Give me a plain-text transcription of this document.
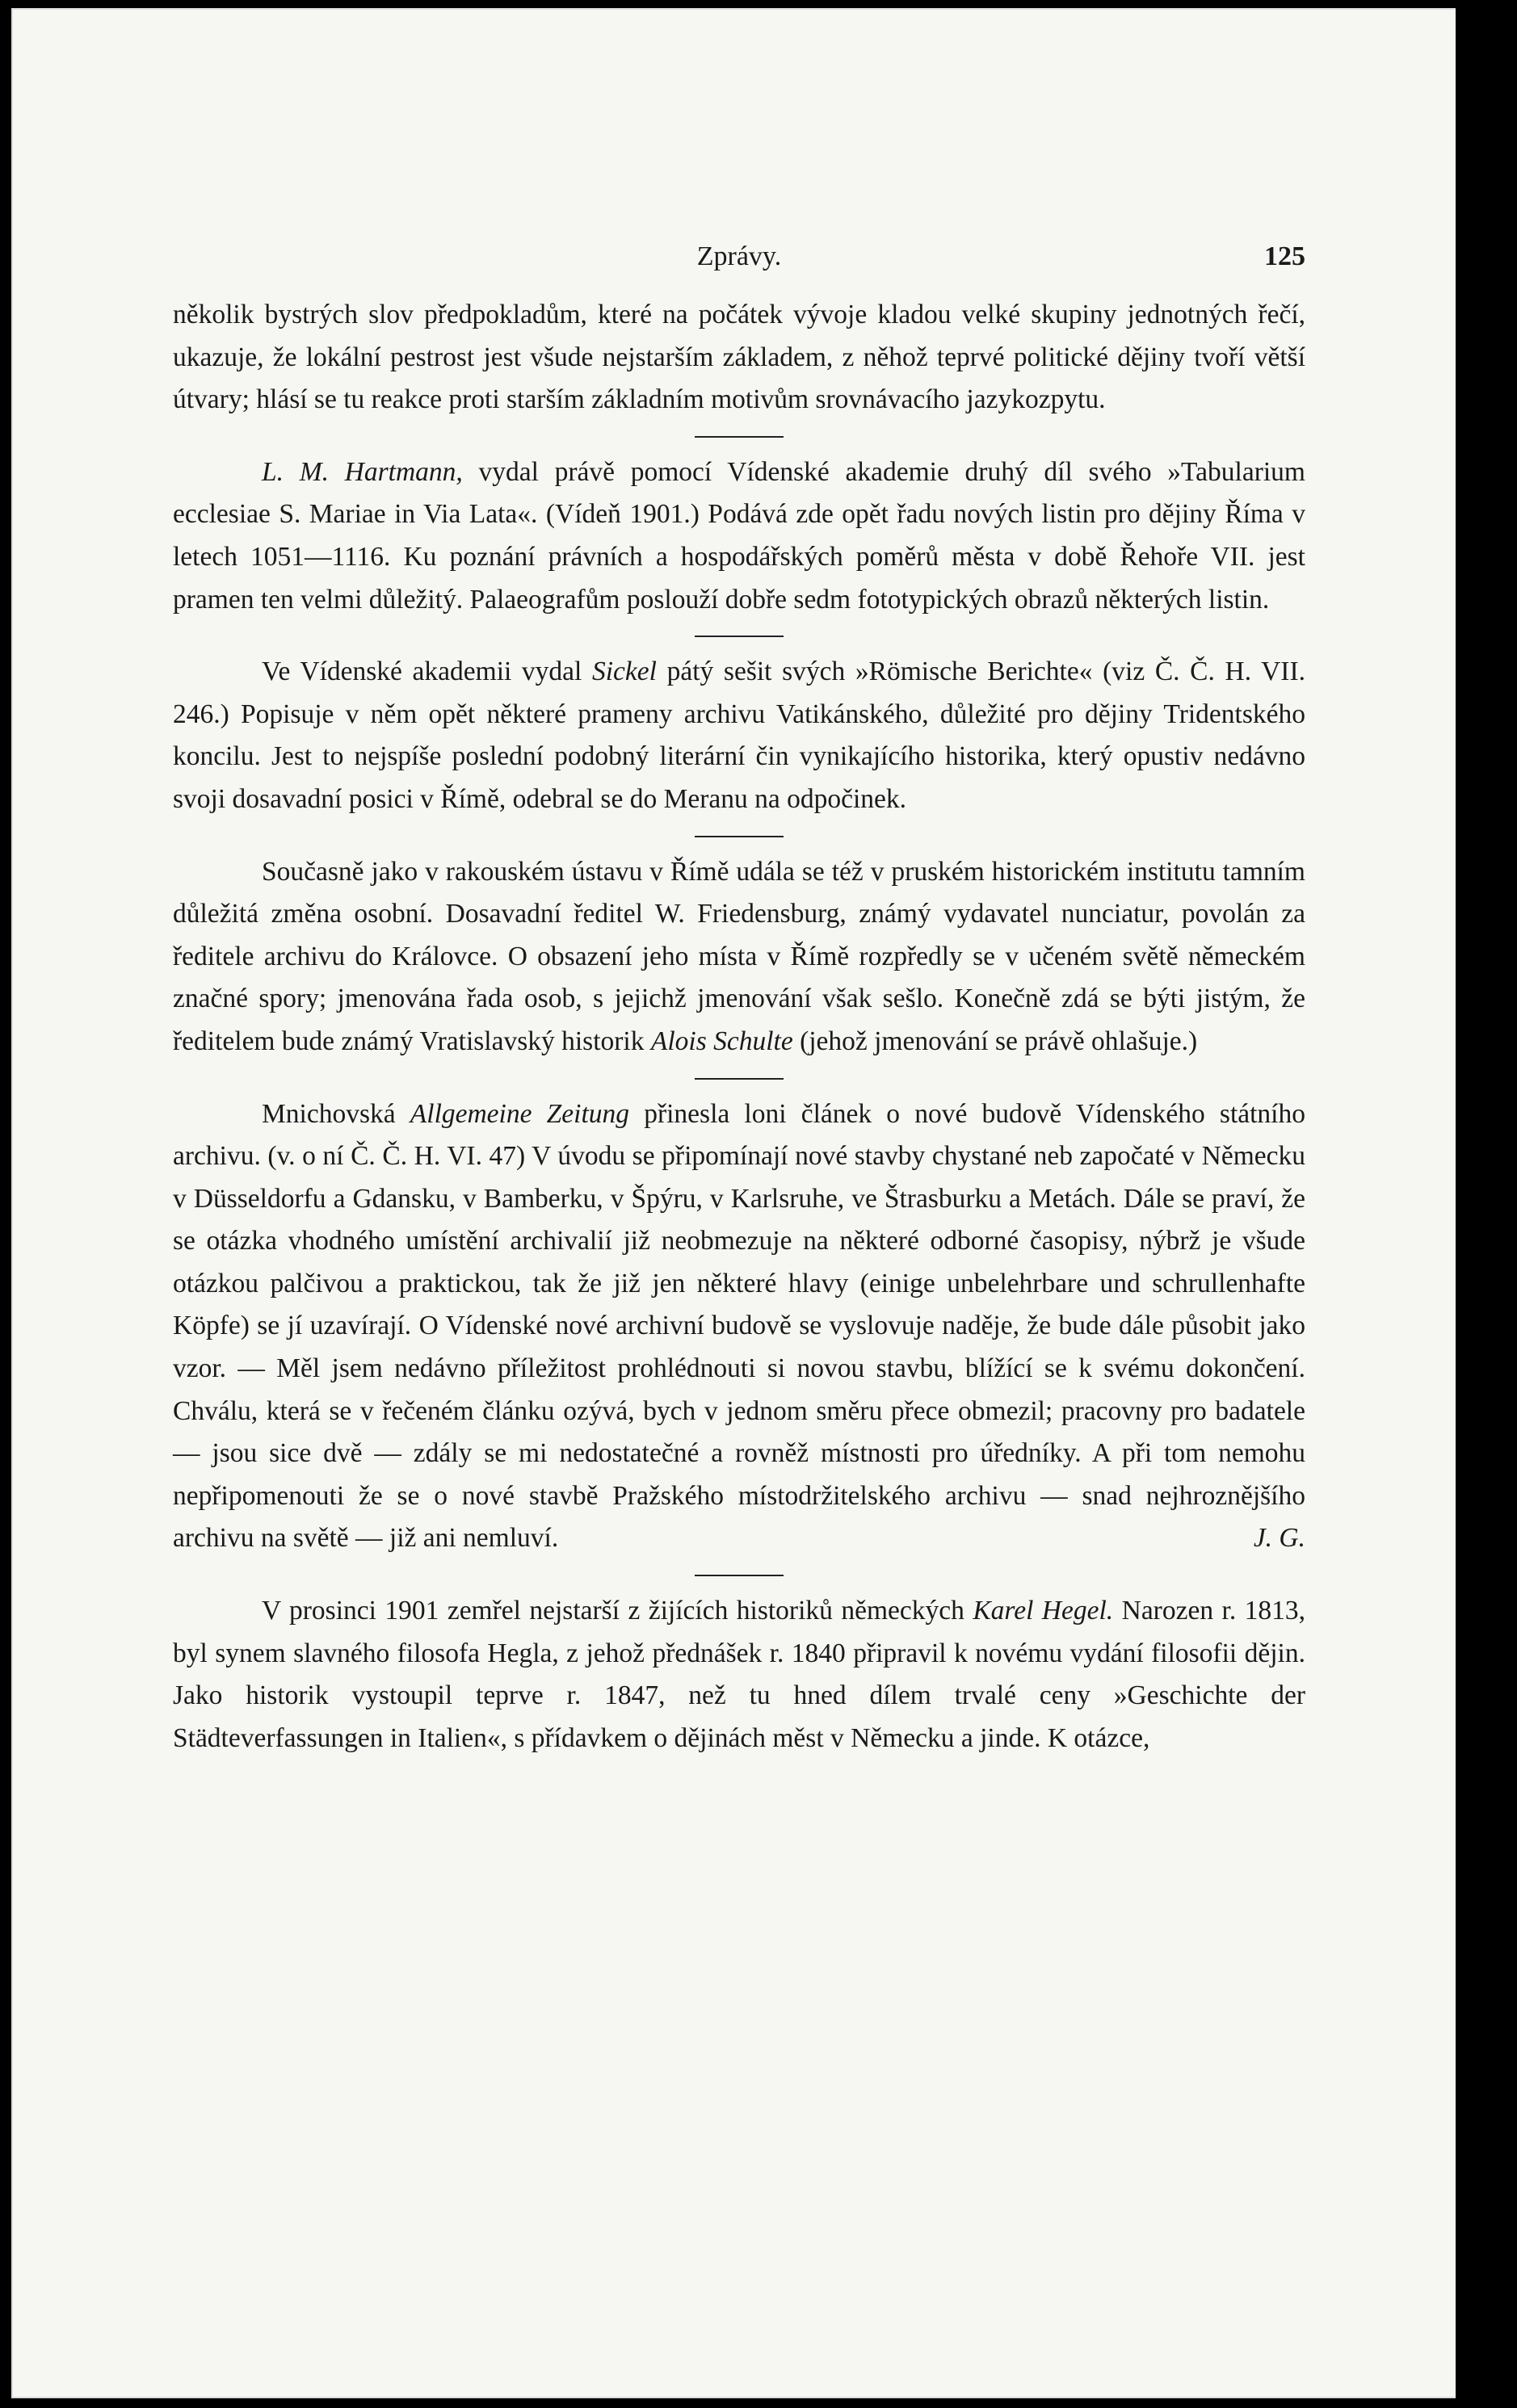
Zprávy.	125

několik bystrých slov předpokladům, které na počátek vývoje kladou velké skupiny jednotných řečí, ukazuje, že lokální pestrost jest všude nejstarším základem, z něhož teprvé politické dějiny tvoří větší útvary; hlásí se tu reakce proti starším základním motivům srovnávacího jazykozpytu.

L. M. Hartmann, vydal právě pomocí Vídenské akademie druhý díl svého »Tabularium ecclesiae S. Mariae in Via Lata«. (Vídeň 1901.) Podává zde opět řadu nových listin pro dějiny Říma v letech 1051—1116. Ku poznání právních a hospodářských poměrů města v době Řehoře VII. jest pramen ten velmi důležitý. Palaeografům poslouží dobře sedm fototypických obrazů některých listin.

Ve Vídenské akademii vydal Sickel pátý sešit svých »Römische Berichte« (viz Č. Č. H. VII. 246.) Popisuje v něm opět některé prameny archivu Vatikánského, důležité pro dějiny Tridentského koncilu. Jest to nejspíše poslední podobný literární čin vynikajícího historika, který opustiv nedávno svoji dosavadní posici v Římě, odebral se do Meranu na odpočinek.

Současně jako v rakouském ústavu v Římě udála se též v pruském historickém institutu tamním důležitá změna osobní. Dosavadní ředitel W. Friedensburg, známý vydavatel nunciatur, povolán za ředitele archivu do Královce. O obsazení jeho místa v Římě rozpředly se v učeném světě německém značné spory; jmenována řada osob, s jejichž jmenování však sešlo. Konečně zdá se býti jistým, že ředitelem bude známý Vratislavský historik Alois Schulte (jehož jmenování se právě ohlašuje.)

Mnichovská Allgemeine Zeitung přinesla loni článek o nové budově Vídenského státního archivu. (v. o ní Č. Č. H. VI. 47) V úvodu se připomínají nové stavby chystané neb započaté v Německu v Düsseldorfu a Gdansku, v Bamberku, v Špýru, v Karlsruhe, ve Štrasburku a Metách. Dále se praví, že se otázka vhodného umístění archivalií již neobmezuje na některé odborné časopisy, nýbrž je všude otázkou palčivou a praktickou, tak že již jen některé hlavy (einige unbelehrbare und schrullenhafte Köpfe) se jí uzavírají. O Vídenské nové archivní budově se vyslovuje naděje, že bude dále působit jako vzor. — Měl jsem nedávno příležitost prohlédnouti si novou stavbu, blížící se k svému dokončení. Chválu, která se v řečeném článku ozývá, bych v jednom směru přece obmezil; pracovny pro badatele — jsou sice dvě — zdály se mi nedostatečné a rovněž místnosti pro úředníky. A při tom nemohu nepřipomenouti že se o nové stavbě Pražského místodržitelského archivu — snad nejhroznějšího archivu na světě — již ani nemluví.	J. G.

V prosinci 1901 zemřel nejstarší z žijících historiků německých Karel Hegel. Narozen r. 1813, byl synem slavného filosofa Hegla, z jehož přednášek r. 1840 připravil k novému vydání filosofii dějin. Jako historik vystoupil teprve r. 1847, než tu hned dílem trvalé ceny »Geschichte der Städteverfassungen in Italien«, s přídavkem o dějinách měst v Německu a jinde. K otázce,
